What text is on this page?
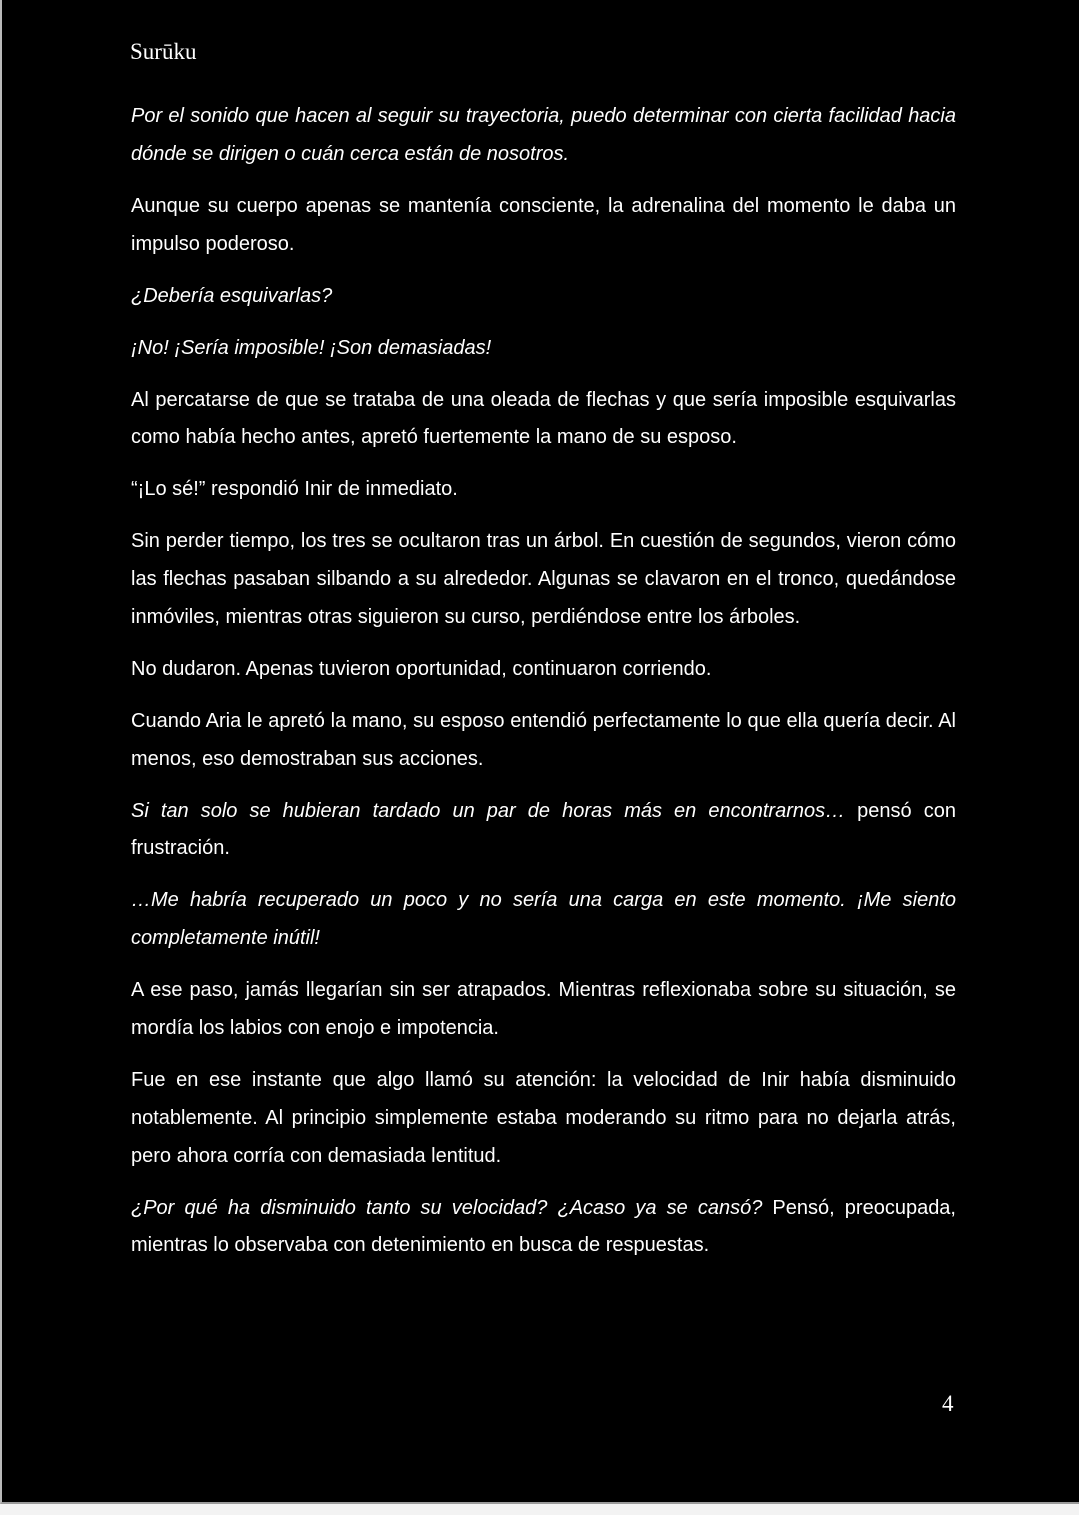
Surūku

Por el sonido que hacen al seguir su trayectoria, puedo determinar con cierta facilidad hacia dónde se dirigen o cuán cerca están de nosotros.

Aunque su cuerpo apenas se mantenía consciente, la adrenalina del momento le daba un impulso poderoso.

¿Debería esquivarlas?

¡No! ¡Sería imposible! ¡Son demasiadas!

Al percatarse de que se trataba de una oleada de flechas y que sería imposible esquivarlas como había hecho antes, apretó fuertemente la mano de su esposo.

“¡Lo sé!” respondió Inir de inmediato.

Sin perder tiempo, los tres se ocultaron tras un árbol. En cuestión de segundos, vieron cómo las flechas pasaban silbando a su alrededor. Algunas se clavaron en el tronco, quedándose inmóviles, mientras otras siguieron su curso, perdiéndose entre los árboles.

No dudaron. Apenas tuvieron oportunidad, continuaron corriendo.

Cuando Aria le apretó la mano, su esposo entendió perfectamente lo que ella quería decir. Al menos, eso demostraban sus acciones.

Si tan solo se hubieran tardado un par de horas más en encontrarnos… pensó con frustración.

…Me habría recuperado un poco y no sería una carga en este momento. ¡Me siento completamente inútil!

A ese paso, jamás llegarían sin ser atrapados. Mientras reflexionaba sobre su situación, se mordía los labios con enojo e impotencia.

Fue en ese instante que algo llamó su atención: la velocidad de Inir había disminuido notablemente. Al principio simplemente estaba moderando su ritmo para no dejarla atrás, pero ahora corría con demasiada lentitud.

¿Por qué ha disminuido tanto su velocidad? ¿Acaso ya se cansó? Pensó, preocupada, mientras lo observaba con detenimiento en busca de respuestas.

4
